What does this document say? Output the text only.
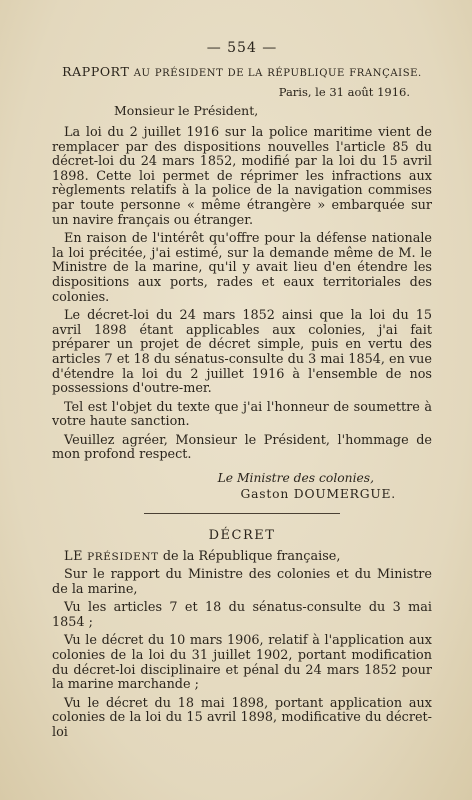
— 554 —
RAPPORT AU PRÉSIDENT DE LA RÉPUBLIQUE FRANÇAISE.
Paris, le 31 août 1916.
Monsieur le Président,

La loi du 2 juillet 1916 sur la police maritime vient de remplacer par des dispositions nouvelles l'article 85 du décret-loi du 24 mars 1852, modifié par la loi du 15 avril 1898. Cette loi permet de réprimer les infractions aux règlements relatifs à la police de la navigation commises par toute personne « même étrangère » embarquée sur un navire français ou étranger.

En raison de l'intérêt qu'offre pour la défense nationale la loi précitée, j'ai estimé, sur la demande même de M. le Ministre de la marine, qu'il y avait lieu d'en étendre les dispositions aux ports, rades et eaux territoriales des colonies.

Le décret-loi du 24 mars 1852 ainsi que la loi du 15 avril 1898 étant applicables aux colonies, j'ai fait préparer un projet de décret simple, puis en vertu des articles 7 et 18 du sénatus-consulte du 3 mai 1854, en vue d'étendre la loi du 2 juillet 1916 à l'ensemble de nos possessions d'outre-mer.

Tel est l'objet du texte que j'ai l'honneur de soumettre à votre haute sanction.

Veuillez agréer, Monsieur le Président, l'hommage de mon profond respect.

Le Ministre des colonies,
Gaston DOUMERGUE.
DÉCRET

LE PRÉSIDENT de la République française,

Sur le rapport du Ministre des colonies et du Ministre de la marine,

Vu les articles 7 et 18 du sénatus-consulte du 3 mai 1854 ;

Vu le décret du 10 mars 1906, relatif à l'application aux colonies de la loi du 31 juillet 1902, portant modification du décret-loi disciplinaire et pénal du 24 mars 1852 pour la marine marchande ;

Vu le décret du 18 mai 1898, portant application aux colonies de la loi du 15 avril 1898, modificative du décret-loi
